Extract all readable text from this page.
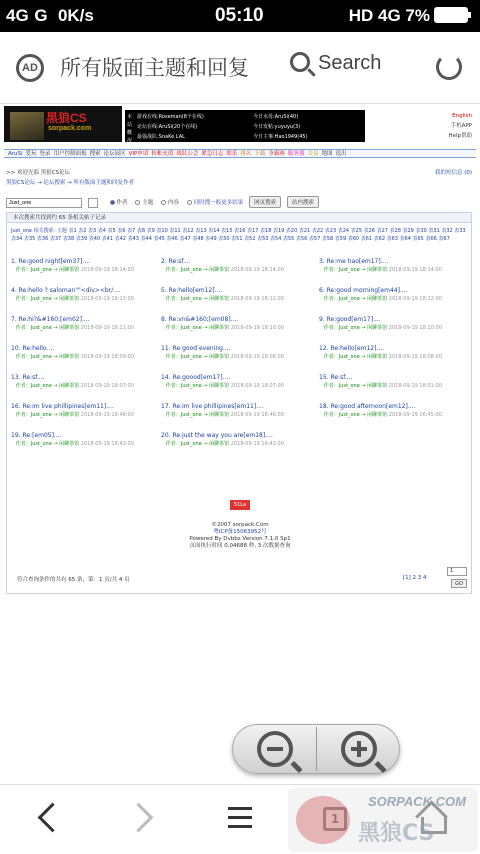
4G  G   0K/s	05:10	HD 4G 7%
AD 所有版面主题和回复	Search
黑狼CS
sorpack.com
本站概况
游戏在线:Roseman(8个在线)
论坛在线:AruSi(20个在线)
最强战队:SnaKe LAL
今日水母:AruSi(40)
今日发帖:yuyuyu(3)
今日主事:Hao1949(45)
English
手机APP
Help帮助
AruSi 爱玩 登录 用户控制面板 搜索 论坛展区 VIP申请 转帐充值 战队公会 紧急日志 娱乐 排名 下载 争霸赛 服务器 交易 地图 退出
>> 欢迎光临 黑狼CS论坛	我的短信息 (0)
黑狼CS论坛 → 论坛搜索 → 所有版面主题和回复作者
Just_one  作者	主题	内容	同时搜一般更多结果 网页搜索	站内搜索
本次搜索共找到约 65 条相关帖子记录
Just_one 相关搜索: 主题 表1 表2 表3 表4 表5 表6 表7 表8 表9 表10 表11 表12 表13 表14 表15 表16 表17 表18 表19 表20 表21 表22 表23 表24 表25 表26 表27 表28 表29 表30 表31 表32 表33 表34 表35 表36 表37 表38 表39 表40 表41 表42 表43 表44 表45 表46 表47 表48 表49 表50 表51 表52 表53 表54 表55 表56 表57 表58 表59 表60 表61 表62 表63 表64 表65 表66 表67
1. Re:good night[em37]....
作者：Just_one → 闲聊茶馆 2018-09-19 18:14:00
2. Re:sf....
作者：Just_one → 闲聊茶馆 2018-09-19 18:14:00
3. Re:me hao[em17]....
作者：Just_one → 闲聊茶馆 2018-09-19 18:14:00
4. Re:hello ? saloman""<div><br/....
作者：Just_one → 闲聊茶馆 2018-09-19 18:13:00
5. Re:hello[em12]....
作者：Just_one → 闲聊茶馆 2018-09-19 18:12:00
6. Re:good morning[em44]....
作者：Just_one → 闲聊茶馆 2018-09-19 18:12:00
7. Re:hi?&#160;[em02]....
作者：Just_one → 闲聊茶馆 2018-09-19 18:11:00
8. Re:vn&#160;[em08]....
作者：Just_one → 闲聊茶馆 2018-09-19 18:10:00
9. Re:good[em17]....
作者：Just_one → 闲聊茶馆 2018-09-19 18:10:00
10. Re:hello....
作者：Just_one → 闲聊茶馆 2018-09-19 18:09:00
11. Re:good evening....
作者：Just_one → 闲聊茶馆 2018-09-19 18:08:00
12. Re:hello[em12]....
作者：Just_one → 闲聊茶馆 2018-09-19 18:08:00
13. Re:sf....
作者：Just_one → 闲聊茶馆 2018-09-19 18:07:00
14. Re:goood[em17]....
作者：Just_one → 闲聊茶馆 2018-09-19 18:07:00
15. Re:sf....
作者：Just_one → 闲聊茶馆 2018-09-19 18:01:00
16. Re:im live phillipines[em11]....
作者：Just_one → 闲聊茶馆 2018-09-19 16:48:00
17. Re:im live phillipines[em11]....
作者：Just_one → 闲聊茶馆 2018-09-19 16:46:00
18. Re:good afternoon[em12]....
作者：Just_one → 闲聊茶馆 2018-09-19 16:45:00
19. Re:[em05]....
作者：Just_one → 闲聊茶馆 2018-09-19 16:43:00
20. Re:just the way you are[em18]....
作者：Just_one → 闲聊茶馆 2018-09-19 16:42:00
符合查询条件的共有 65 条，第：1 页/共 4 页	[1] 2 3 4
1
GO
51La
©2007 sorpack.Com
粤ICP备15063952号
Powered By Dvbbs Version 7.1.0 Sp1
页面执行时间 0.04688 秒, 3 次数据查询
SORPACK.COM
黑狼CS
